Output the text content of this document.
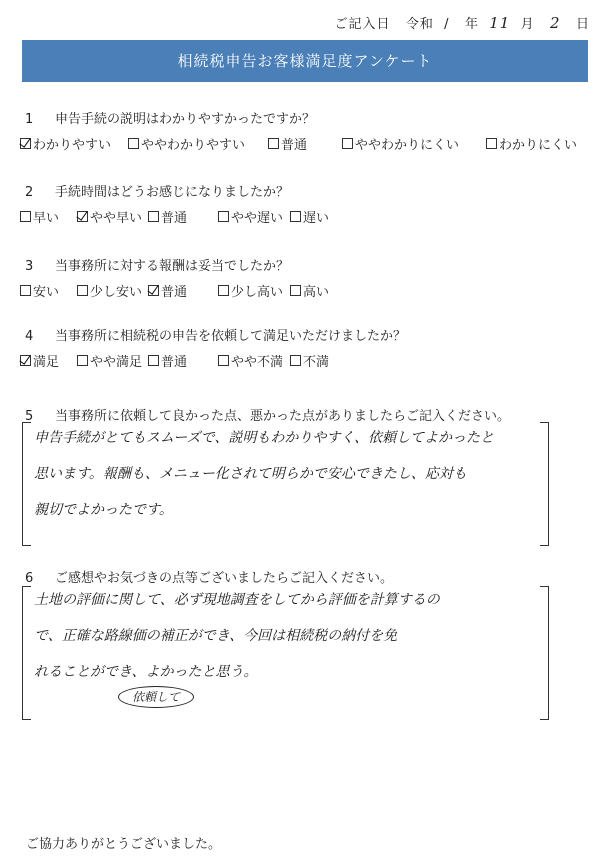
ご記入日 令和  /   年 11 月 2 日
相続税申告お客様満足度アンケート
1 申告手続の説明はわかりやすかったですか？
わかりやすい	ややわかりやすい	普通	ややわかりにくい	わかりにくい
2 手続時間はどうお感じになりましたか？
早い	やや早い	普通	やや遅い	遅い
3 当事務所に対する報酬は妥当でしたか？
安い	少し安い	普通	少し高い	高い
4 当事務所に相続税の申告を依頼して満足いただけましたか？
満足	やや満足	普通	やや不満	不満
5 当事務所に依頼して良かった点、悪かった点がありましたらご記入ください。
申告手続がとてもスムーズで、説明もわかりやすく、依頼してよかったと
思います。報酬も、メニュー化されて明らかで安心できたし、応対も
親切でよかったです。
6 ご感想やお気づきの点等ございましたらご記入ください。
土地の評価に関して、必ず現地調査をしてから評価を計算するの
で、正確な路線価の補正ができ、今回は相続税の納付を免
れることができ、よかったと思う。
依頼して
ご協力ありがとうございました。
